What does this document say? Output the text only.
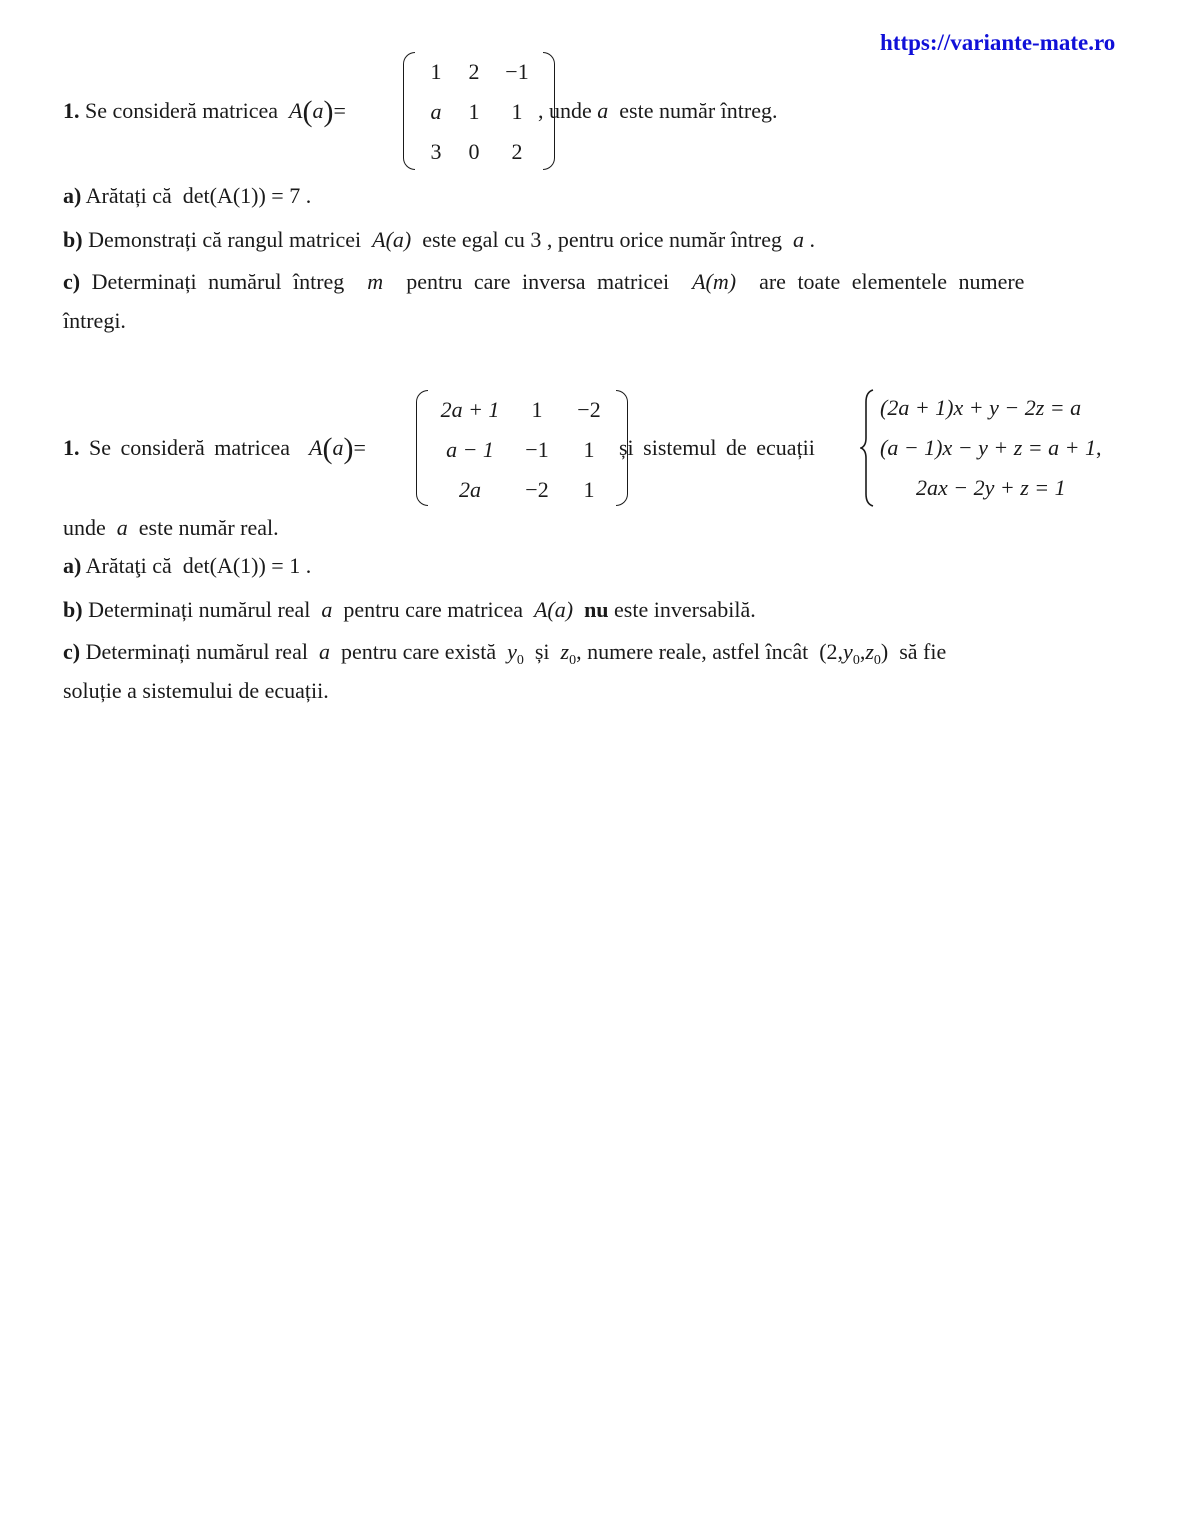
https://variante-mate.ro
1. Se consideră matricea A(a)=
1	2	−1
a	1	1
3	0	2
, unde a este număr întreg.
a) Arătați că det(A(1)) = 7 .
b) Demonstrați că rangul matricei A(a) este egal cu 3 , pentru orice număr întreg a .
c) Determinați numărul întreg m pentru care inversa matricei A(m) are toate elementele numere
întregi.
1. Se consideră matricea A(a)=
2a + 1	1	−2
a − 1	−1	1
2a	−2	1
și sistemul de ecuații
(2a + 1)x + y − 2z = a
(a − 1)x − y + z = a + 1,
2ax − 2y + z = 1
unde a este număr real.
a) Arătaţi că det(A(1)) = 1 .
b) Determinați numărul real a pentru care matricea A(a) nu este inversabilă.
c) Determinați numărul real a pentru care există $y_0$ și $z_0$, numere reale, astfel încât $(2,y_0,z_0)$  să fie
soluție a sistemului de ecuații.
